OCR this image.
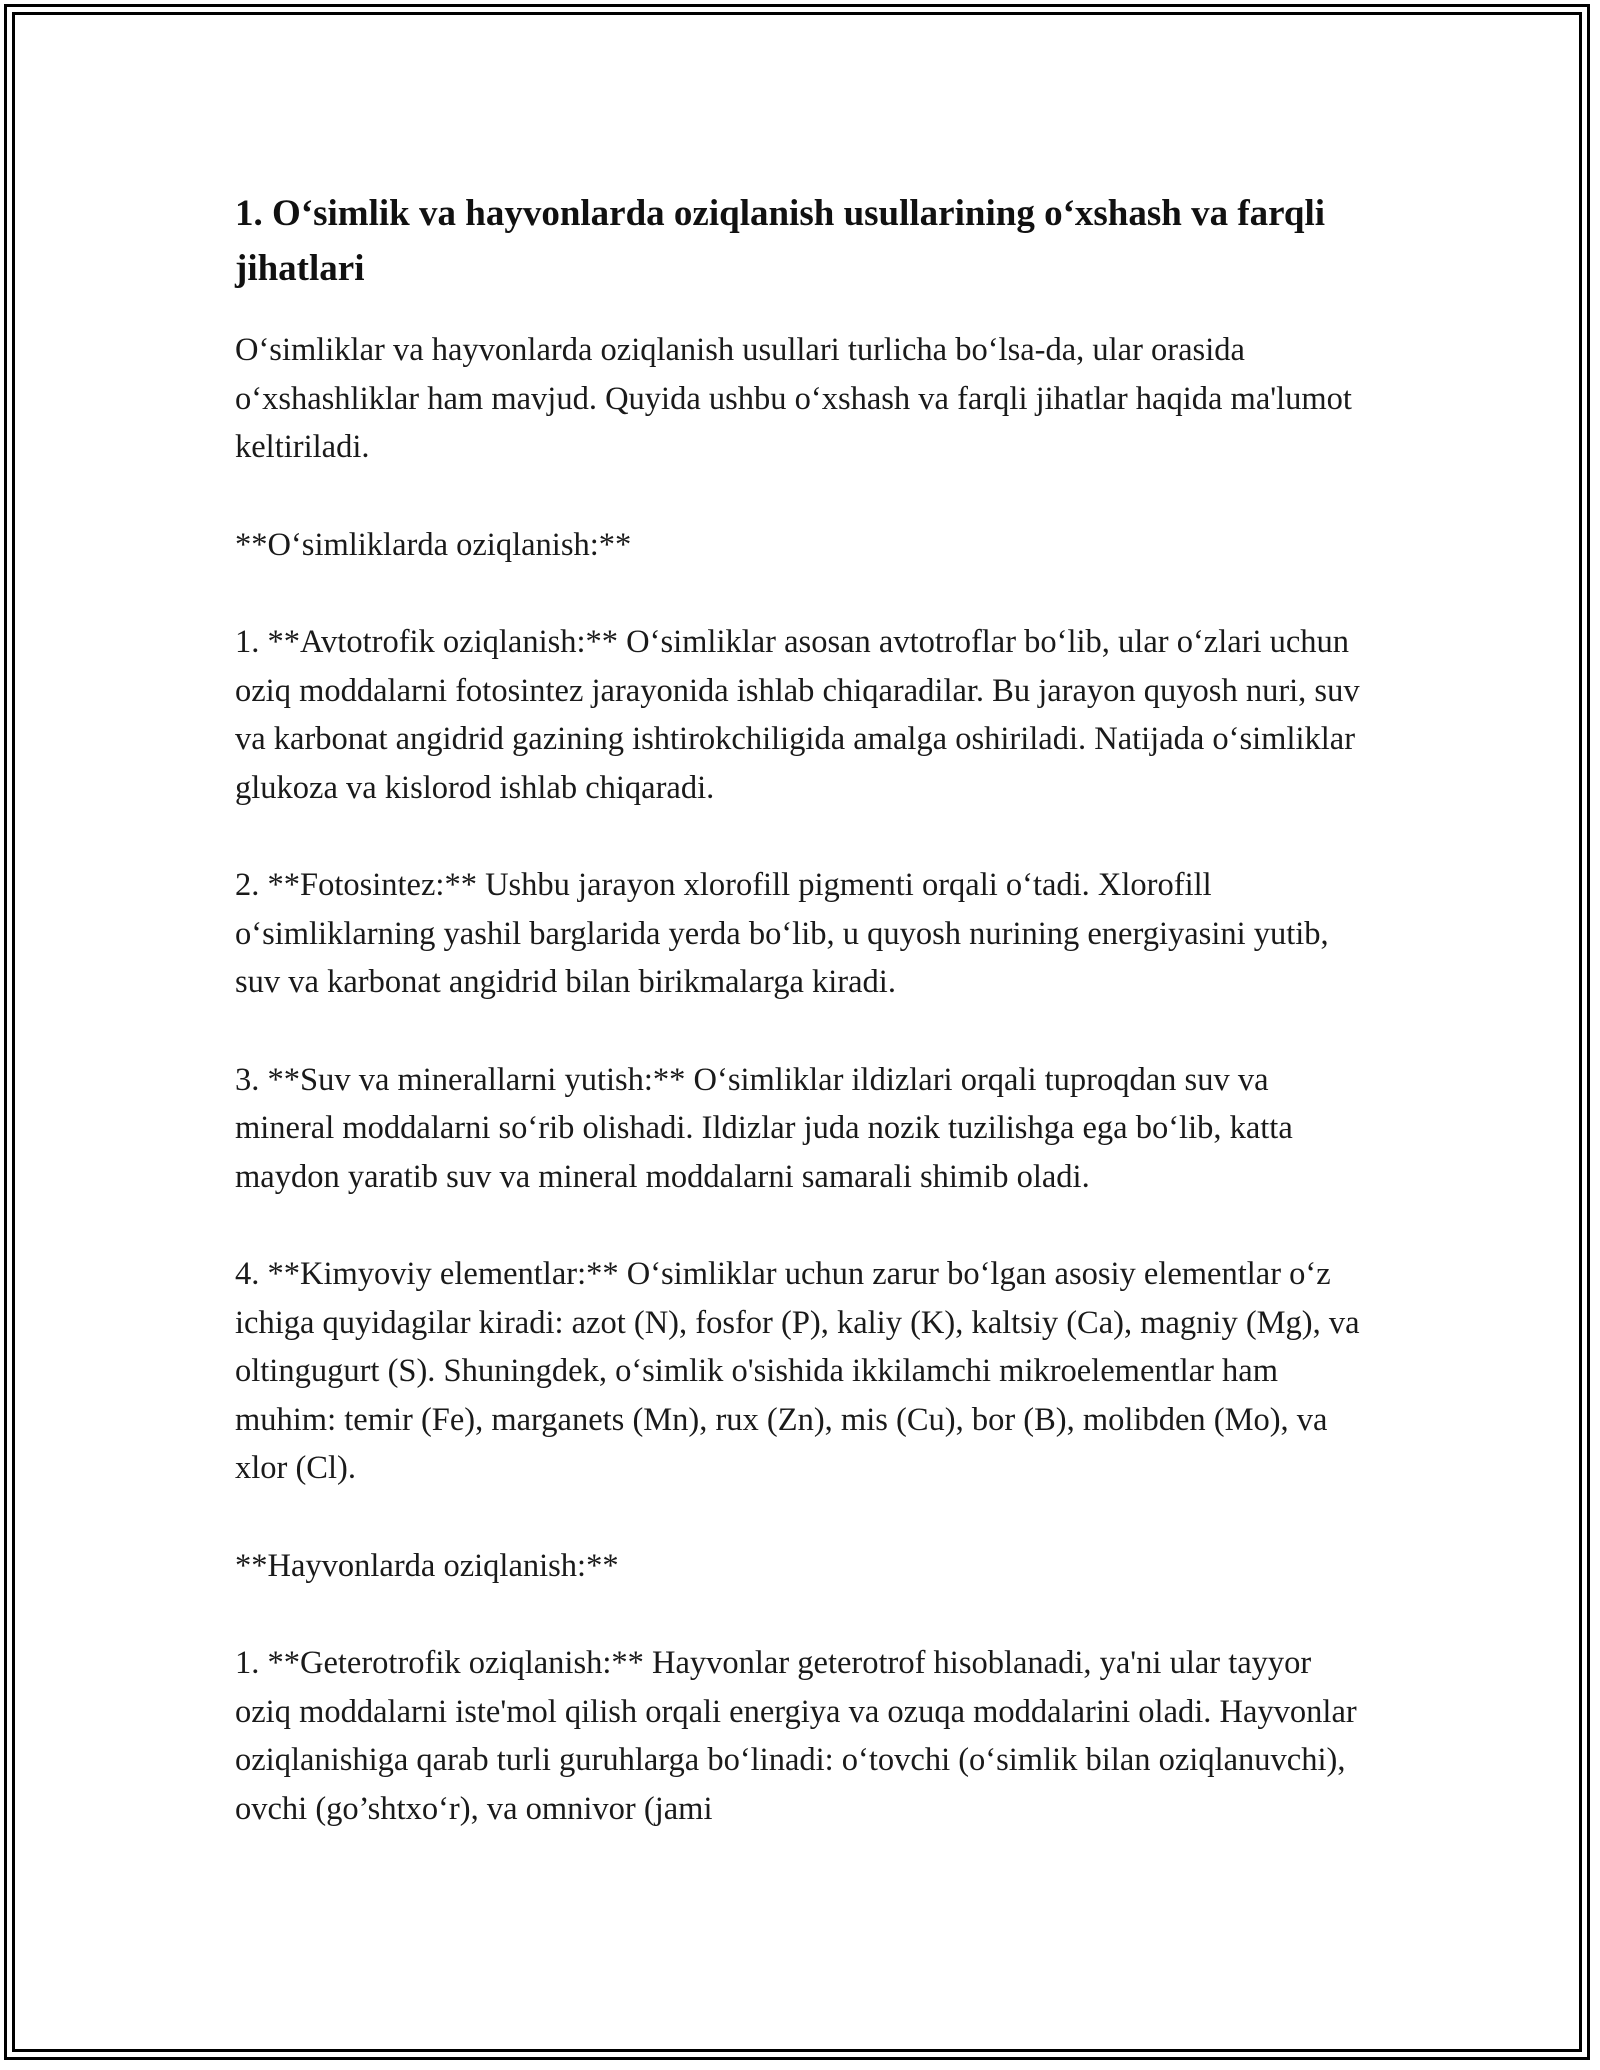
1. O‘simlik va hayvonlarda oziqlanish usullarining o‘xshash va farqli jihatlari

O‘simliklar va hayvonlarda oziqlanish usullari turlicha bo‘lsa-da, ular orasida o‘xshashliklar ham mavjud. Quyida ushbu o‘xshash va farqli jihatlar haqida ma'lumot keltiriladi.

**O‘simliklarda oziqlanish:**

1. **Avtotrofik oziqlanish:** O‘simliklar asosan avtotroflar bo‘lib, ular o‘zlari uchun oziq moddalarni fotosintez jarayonida ishlab chiqaradilar. Bu jarayon quyosh nuri, suv va karbonat angidrid gazining ishtirokchiligida amalga oshiriladi. Natijada o‘simliklar glukoza va kislorod ishlab chiqaradi.

2. **Fotosintez:** Ushbu jarayon xlorofill pigmenti orqali o‘tadi. Xlorofill o‘simliklarning yashil barglarida yerda bo‘lib, u quyosh nurining energiyasini yutib, suv va karbonat angidrid bilan birikmalarga kiradi.

3. **Suv va minerallarni yutish:** O‘simliklar ildizlari orqali tuproqdan suv va mineral moddalarni so‘rib olishadi. Ildizlar juda nozik tuzilishga ega bo‘lib, katta maydon yaratib suv va mineral moddalarni samarali shimib oladi.

4. **Kimyoviy elementlar:** O‘simliklar uchun zarur bo‘lgan asosiy elementlar o‘z ichiga quyidagilar kiradi: azot (N), fosfor (P), kaliy (K), kaltsiy (Ca), magniy (Mg), va oltingugurt (S). Shuningdek, o‘simlik o'sishida ikkilamchi mikroelementlar ham muhim: temir (Fe), marganets (Mn), rux (Zn), mis (Cu), bor (B), molibden (Mo), va xlor (Cl).

**Hayvonlarda oziqlanish:**

1. **Geterotrofik oziqlanish:** Hayvonlar geterotrof hisoblanadi, ya'ni ular tayyor oziq moddalarni iste'mol qilish orqali energiya va ozuqa moddalarini oladi. Hayvonlar oziqlanishiga qarab turli guruhlarga bo‘linadi: o‘tovchi (o‘simlik bilan oziqlanuvchi), ovchi (go’shtxo‘r), va omnivor (jami
